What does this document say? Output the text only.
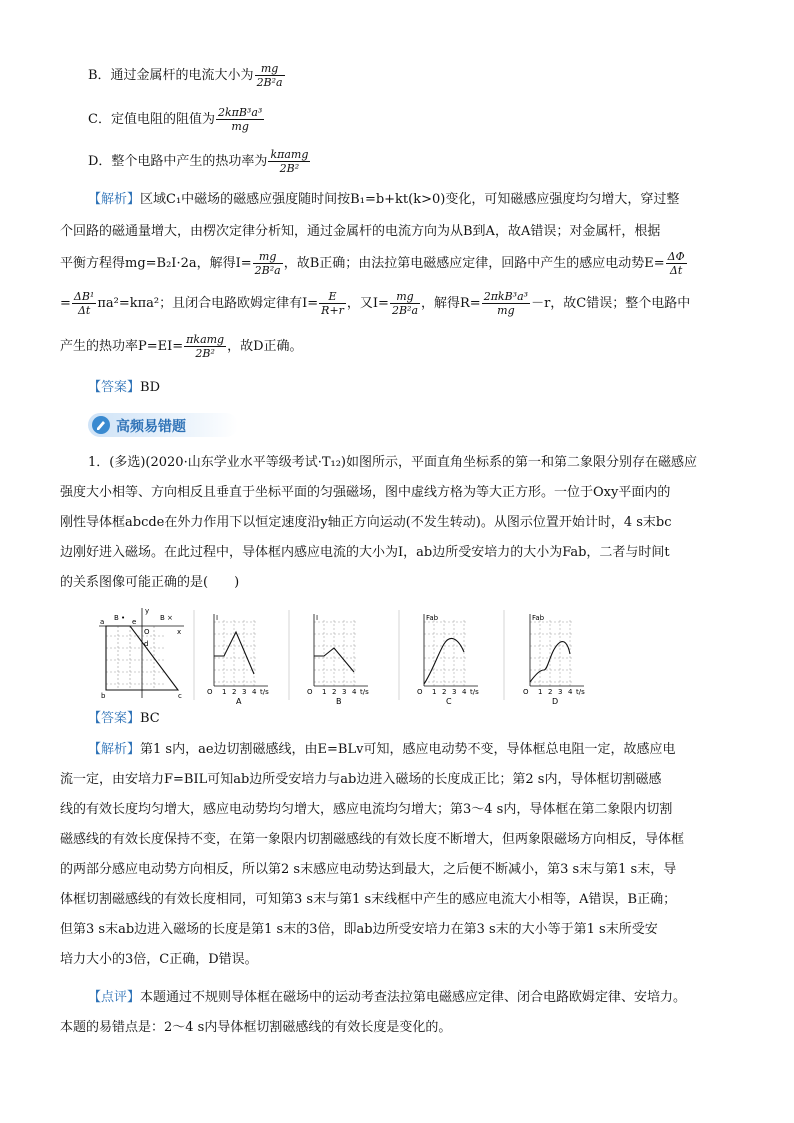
B．通过金属杆的电流大小为 $\frac{mg}{\text{2B²a}}$
C．定值电阻的阻值为 $\frac{\text{2kπB³a³}}{mg}$
D．整个电路中产生的热功率为 $\frac{\text{kπamg}}{\text{2B²}}$
【解析】区域C₁中磁场的磁感应强度随时间按B₁=b+kt(k>0)变化，可知磁感应强度均匀增大，穿过整
个回路的磁通量增大，由楞次定律分析知，通过金属杆的电流方向为从B到A，故A错误；对金属杆，根据
平衡方程得mg=B₂I·2a，解得$I= \frac{mg}{\text{2B²a}}$ ，故B正确；由法拉第电磁感应定律，回路中产生的感应电动势$E= \frac{\Delta\Phi}{\Delta t}$
= $\frac{\text{ΔB¹}}{\Delta t} \pi a^2=k\pi a^2$；且闭合电路欧姆定律有$I= \frac{E}{R+r}$ ，又$I= \frac{mg}{\text{2B²a}}$ ，解得$R= \frac{\text{2πkB³a³}}{mg} -r$，故C错误；整个电路中
产生的热功率$P=EI= \frac{\text{πkamg}}{\text{2B²}}$ ，故D正确。
【答案】BD
高频易错题
1．(多选)(2020·山东学业水平等级考试·T₁₂)如图所示，平面直角坐标系的第一和第二象限分别存在磁感应
强度大小相等、方向相反且垂直于坐标平面的匀强磁场，图中虚线方格为等大正方形。一位于Oxy平面内的
刚性导体框abcde在外力作用下以恒定速度沿y轴正方向运动(不发生转动)。从图示位置开始计时，4 s末bc
边刚好进入磁场。在此过程中，导体框内感应电流的大小为I，ab边所受安培力的大小为Fab，二者与时间t
的关系图像可能正确的是(　　)
B •	B ×
y
x
O
a	e
d
b	c
I
O 1 2 3 4 t/s
A
I
O 1 2 3 4 t/s
B
Fab
O 1 2 3 4 t/s
C
Fab
O 1 2 3 4 t/s
D
【答案】BC
【解析】第1 s内，ae边切割磁感线，由E=BLv可知，感应电动势不变，导体框总电阻一定，故感应电
流一定，由安培力F=BIL可知ab边所受安培力与ab边进入磁场的长度成正比；第2 s内，导体框切割磁感
线的有效长度均匀增大，感应电动势均匀增大，感应电流均匀增大；第3～4 s内，导体框在第二象限内切割
磁感线的有效长度保持不变，在第一象限内切割磁感线的有效长度不断增大，但两象限磁场方向相反，导体框
的两部分感应电动势方向相反，所以第2 s末感应电动势达到最大，之后便不断减小，第3 s末与第1 s末，导
体框切割磁感线的有效长度相同，可知第3 s末与第1 s末线框中产生的感应电流大小相等，A错误，B正确；
但第3 s末ab边进入磁场的长度是第1 s末的3倍，即ab边所受安培力在第3 s末的大小等于第1 s末所受安
培力大小的3倍，C正确，D错误。
【点评】本题通过不规则导体框在磁场中的运动考查法拉第电磁感应定律、闭合电路欧姆定律、安培力。
本题的易错点是：2～4 s内导体框切割磁感线的有效长度是变化的。
